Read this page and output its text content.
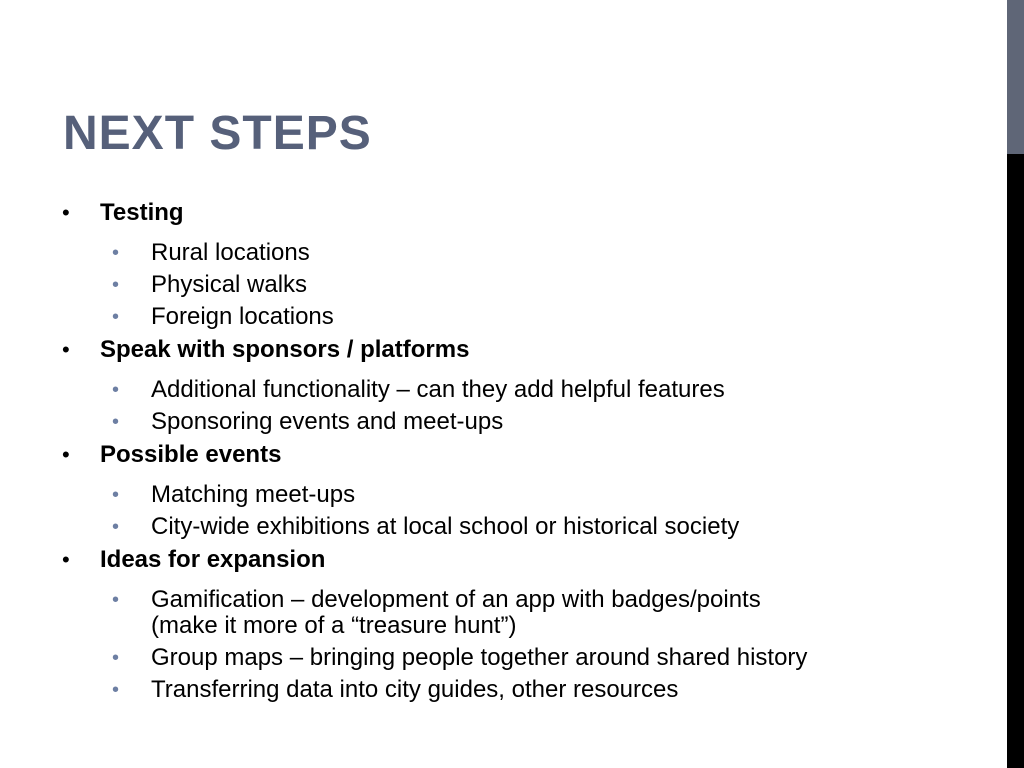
NEXT STEPS
• Testing
• Rural locations
• Physical walks
• Foreign locations
• Speak with sponsors / platforms
• Additional functionality – can they add helpful features
• Sponsoring events and meet-ups
• Possible events
• Matching meet-ups
• City-wide exhibitions at local school or historical society
• Ideas for expansion
• Gamification – development of an app with badges/points (make it more of a “treasure hunt”)
• Group maps – bringing people together around shared history
• Transferring data into city guides, other resources
